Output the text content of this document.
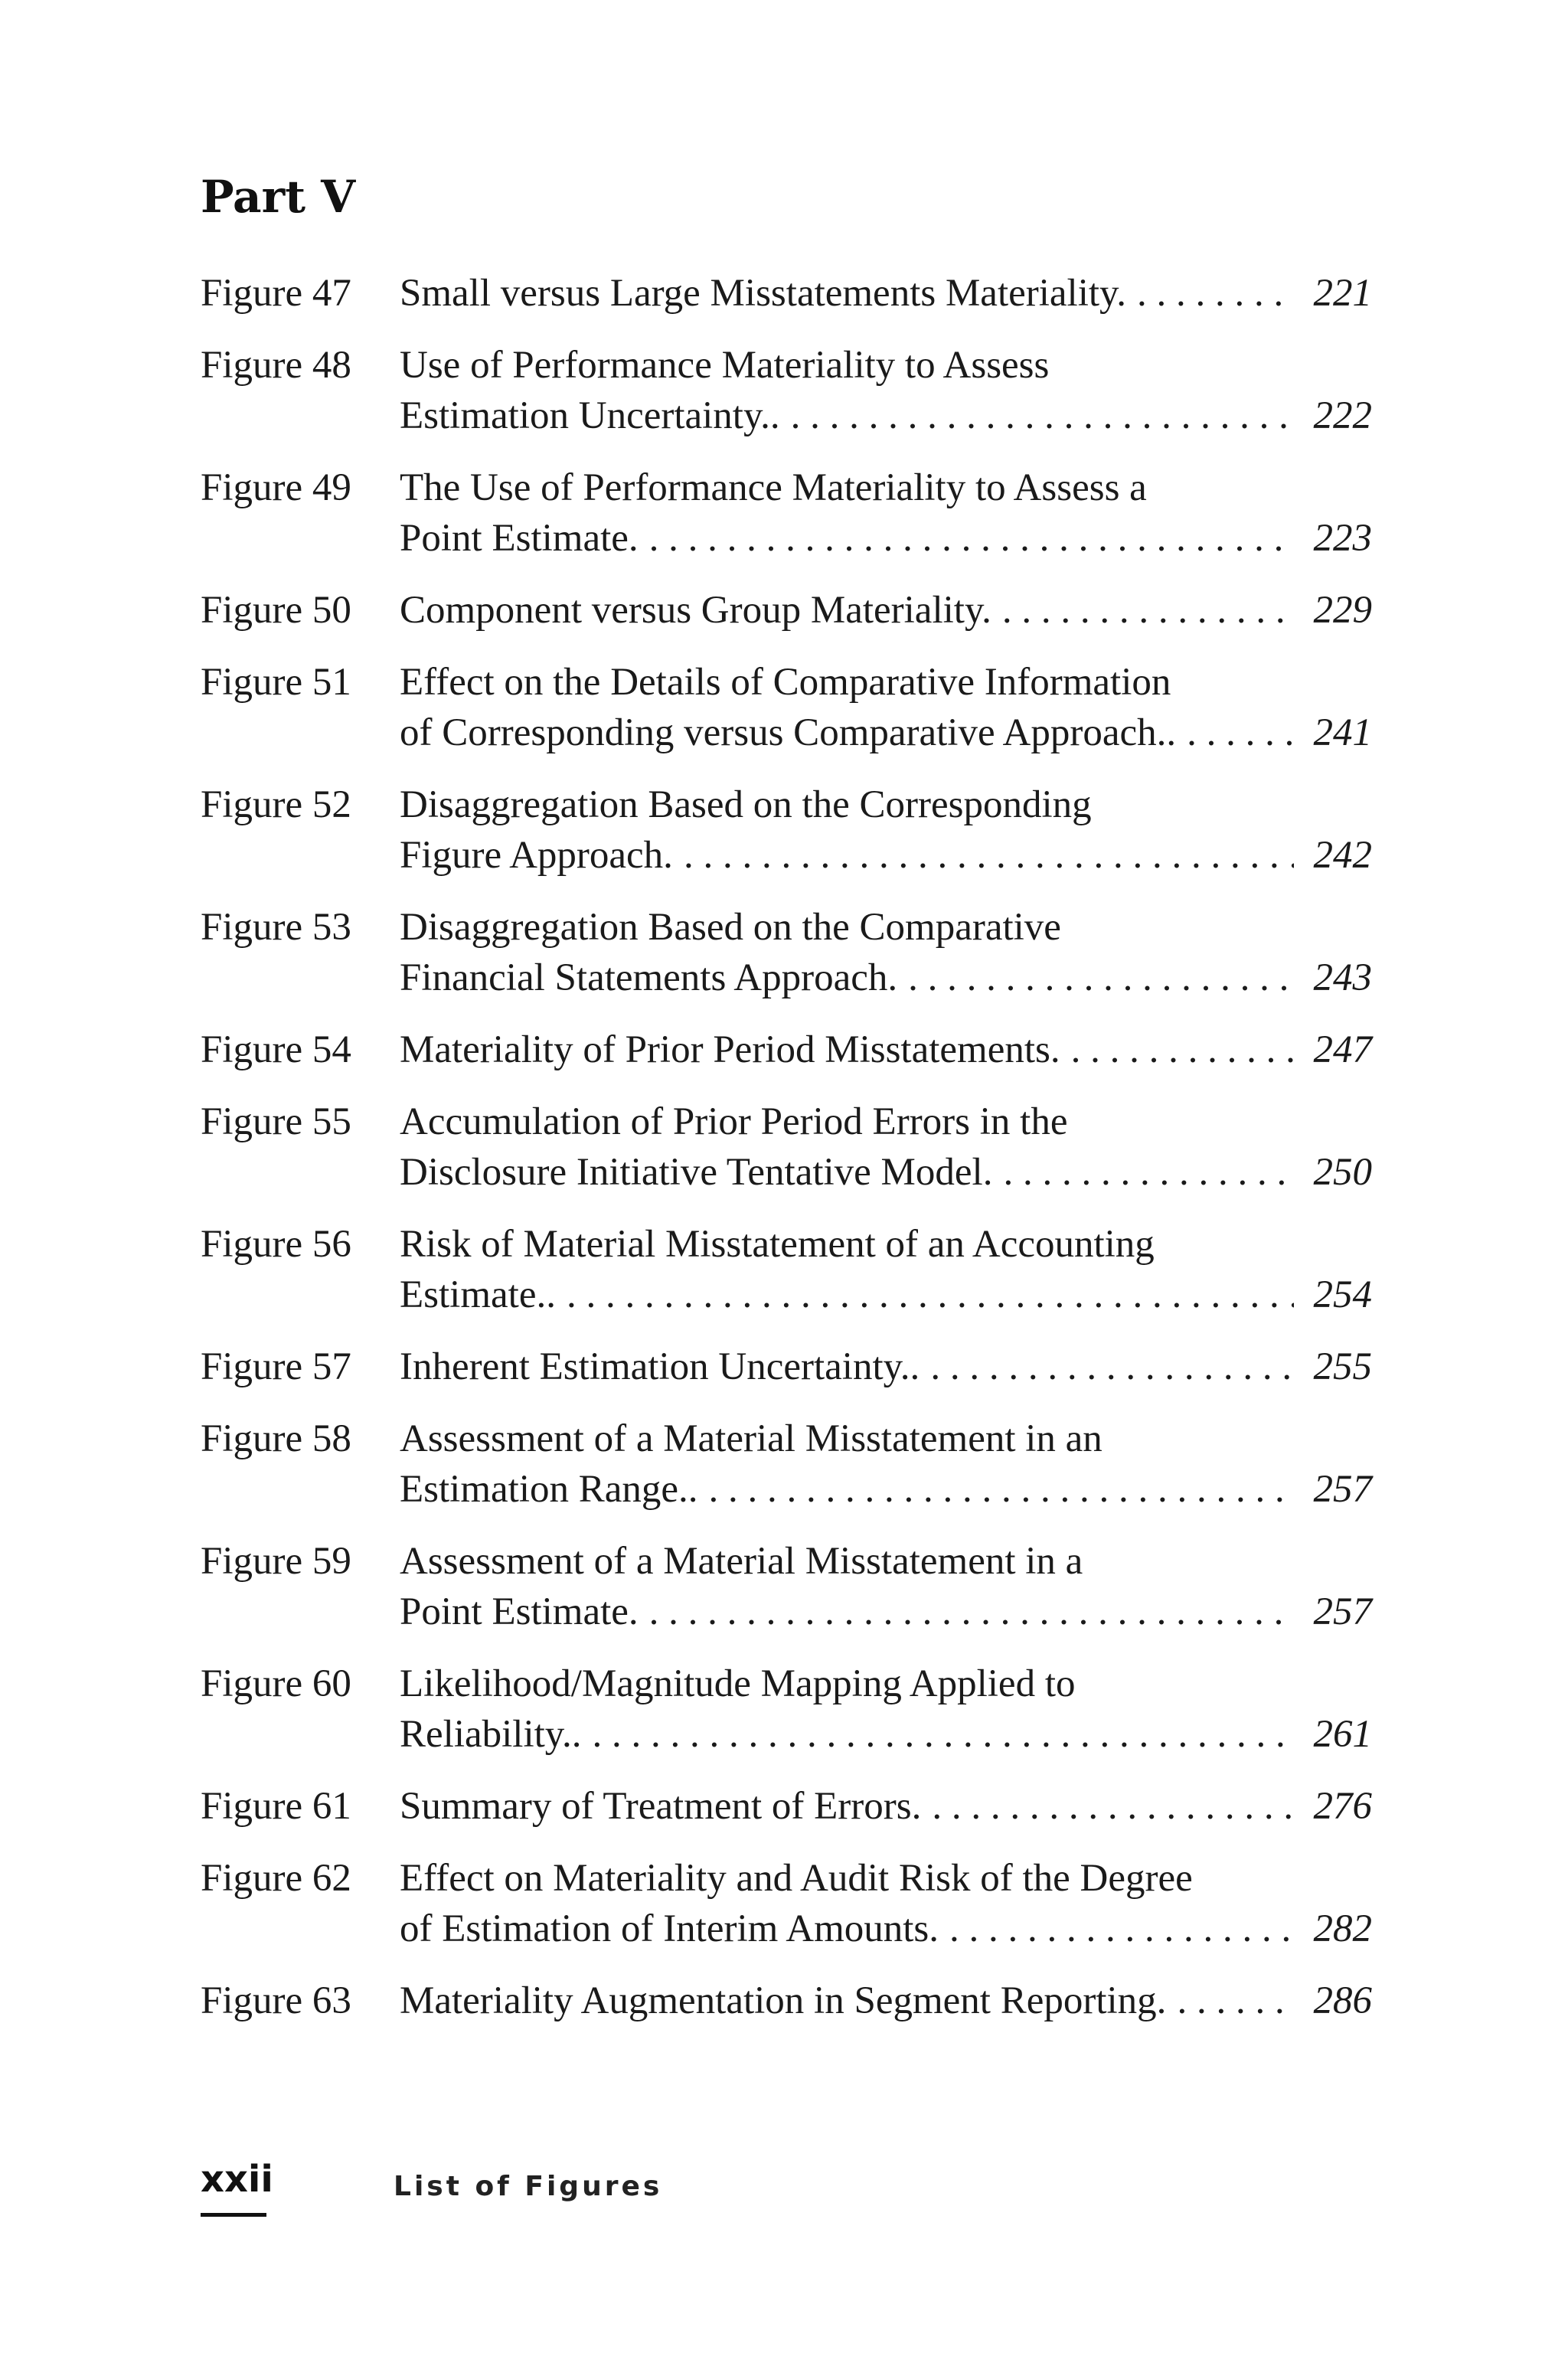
Part V
Figure 47	Small versus Large Misstatements Materiality. . . .	221
Figure 48	Use of Performance Materiality to Assess
Estimation Uncertainty.. . . .	222
Figure 49	The Use of Performance Materiality to Assess a
Point Estimate. . . .	223
Figure 50	Component versus Group Materiality. . . .	229
Figure 51	Effect on the Details of Comparative Information
of Corresponding versus Comparative Approach.. . . .	241
Figure 52	Disaggregation Based on the Corresponding
Figure Approach. . . .	242
Figure 53	Disaggregation Based on the Comparative
Financial Statements Approach. . . .	243
Figure 54	Materiality of Prior Period Misstatements. . . .	247
Figure 55	Accumulation of Prior Period Errors in the
Disclosure Initiative Tentative Model. . . .	250
Figure 56	Risk of Material Misstatement of an Accounting
Estimate.. . . .	254
Figure 57	Inherent Estimation Uncertainty.. . . .	255
Figure 58	Assessment of a Material Misstatement in an
Estimation Range.. . . .	257
Figure 59	Assessment of a Material Misstatement in a
Point Estimate. . . .	257
Figure 60	Likelihood/Magnitude Mapping Applied to
Reliability.. . . .	261
Figure 61	Summary of Treatment of Errors. . . .	276
Figure 62	Effect on Materiality and Audit Risk of the Degree
of Estimation of Interim Amounts. . . .	282
Figure 63	Materiality Augmentation in Segment Reporting. . . .	286
xxii	List of Figures
